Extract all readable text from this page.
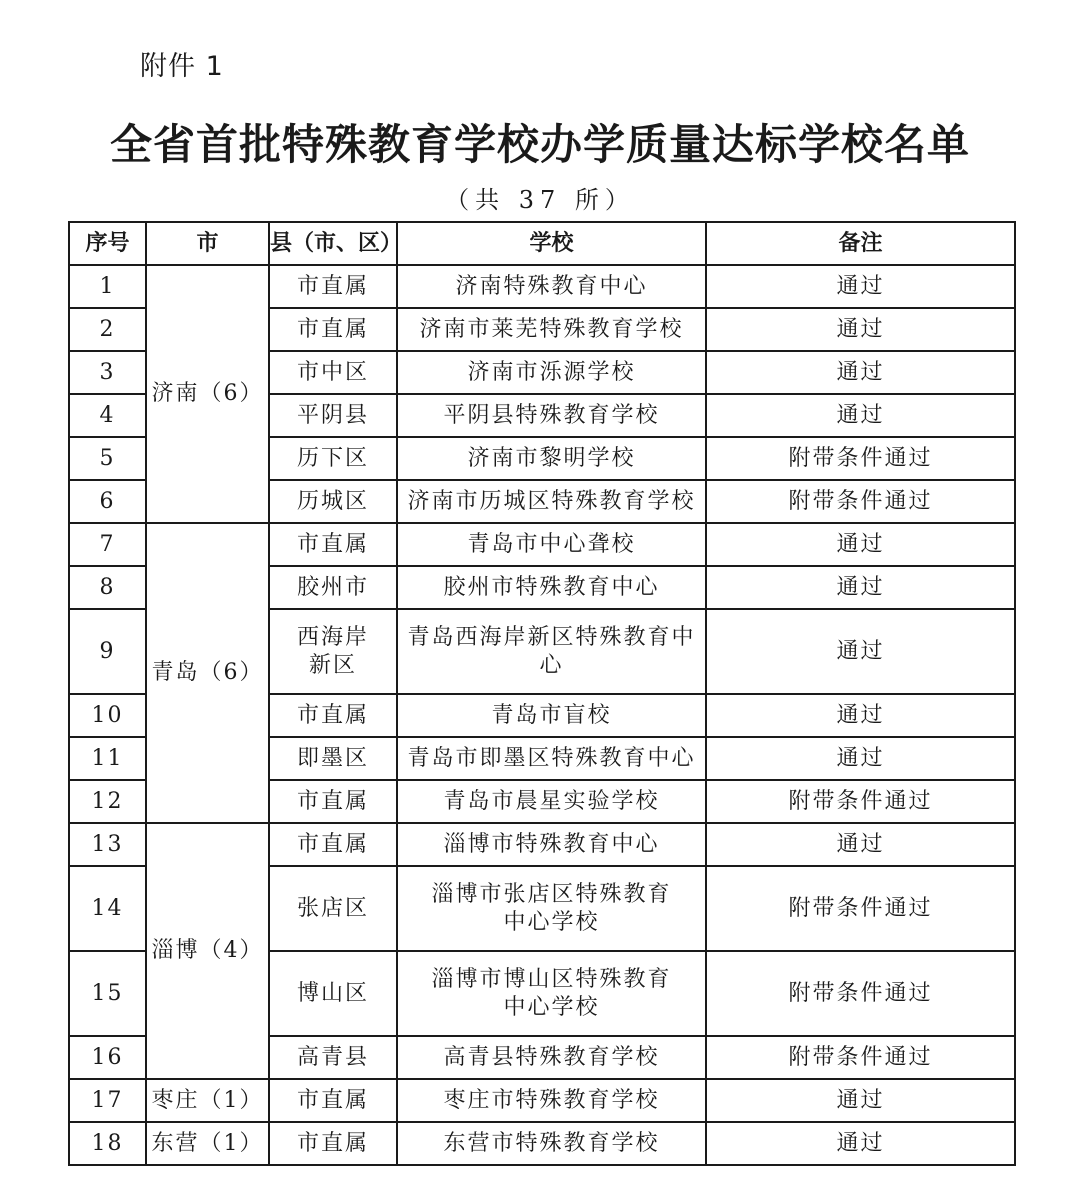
附件 1
全省首批特殊教育学校办学质量达标学校名单
（共 37 所）
序号	市	县（市、区）	学校	备注
1	济南（6）	市直属	济南特殊教育中心	通过
2		市直属	济南市莱芜特殊教育学校	通过
3		市中区	济南市泺源学校	通过
4		平阴县	平阴县特殊教育学校	通过
5		历下区	济南市黎明学校	附带条件通过
6		历城区	济南市历城区特殊教育学校	附带条件通过
7	青岛（6）	市直属	青岛市中心聋校	通过
8		胶州市	胶州市特殊教育中心	通过
9		西海岸
新区	青岛西海岸新区特殊教育中心	通过
10		市直属	青岛市盲校	通过
11		即墨区	青岛市即墨区特殊教育中心	通过
12		市直属	青岛市晨星实验学校	附带条件通过
13	淄博（4）	市直属	淄博市特殊教育中心	通过
14		张店区	淄博市张店区特殊教育
中心学校	附带条件通过
15		博山区	淄博市博山区特殊教育
中心学校	附带条件通过
16		高青县	高青县特殊教育学校	附带条件通过
17	枣庄（1）	市直属	枣庄市特殊教育学校	通过
18	东营（1）	市直属	东营市特殊教育学校	通过
